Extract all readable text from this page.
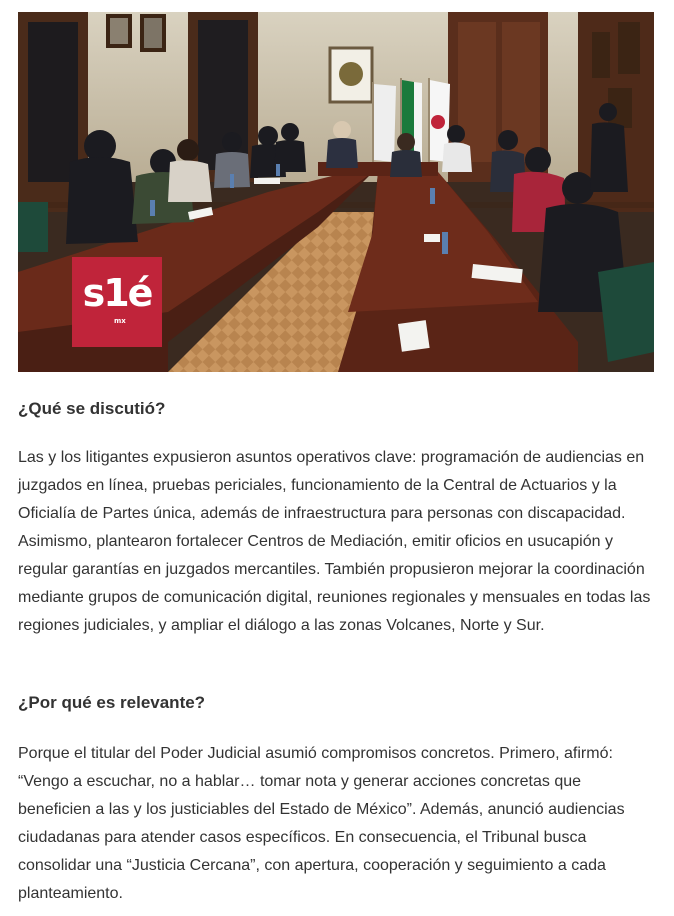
s1é
mx
¿Qué se discutió?

Las y los litigantes expusieron asuntos operativos clave: programación de audiencias en juzgados en línea, pruebas periciales, funcionamiento de la Central de Actuarios y la Oficialía de Partes única, además de infraestructura para personas con discapacidad. Asimismo, plantearon fortalecer Centros de Mediación, emitir oficios en usucapión y regular garantías en juzgados mercantiles. También propusieron mejorar la coordinación mediante grupos de comunicación digital, reuniones regionales y mensuales en todas las regiones judiciales, y ampliar el diálogo a las zonas Volcanes, Norte y Sur.

¿Por qué es relevante?

Porque el titular del Poder Judicial asumió compromisos concretos. Primero, afirmó: “Vengo a escuchar, no a hablar… tomar nota y generar acciones concretas que beneficien a las y los justiciables del Estado de México”. Además, anunció audiencias ciudadanas para atender casos específicos. En consecuencia, el Tribunal busca consolidar una “Justicia Cercana”, con apertura, cooperación y seguimiento a cada planteamiento.
